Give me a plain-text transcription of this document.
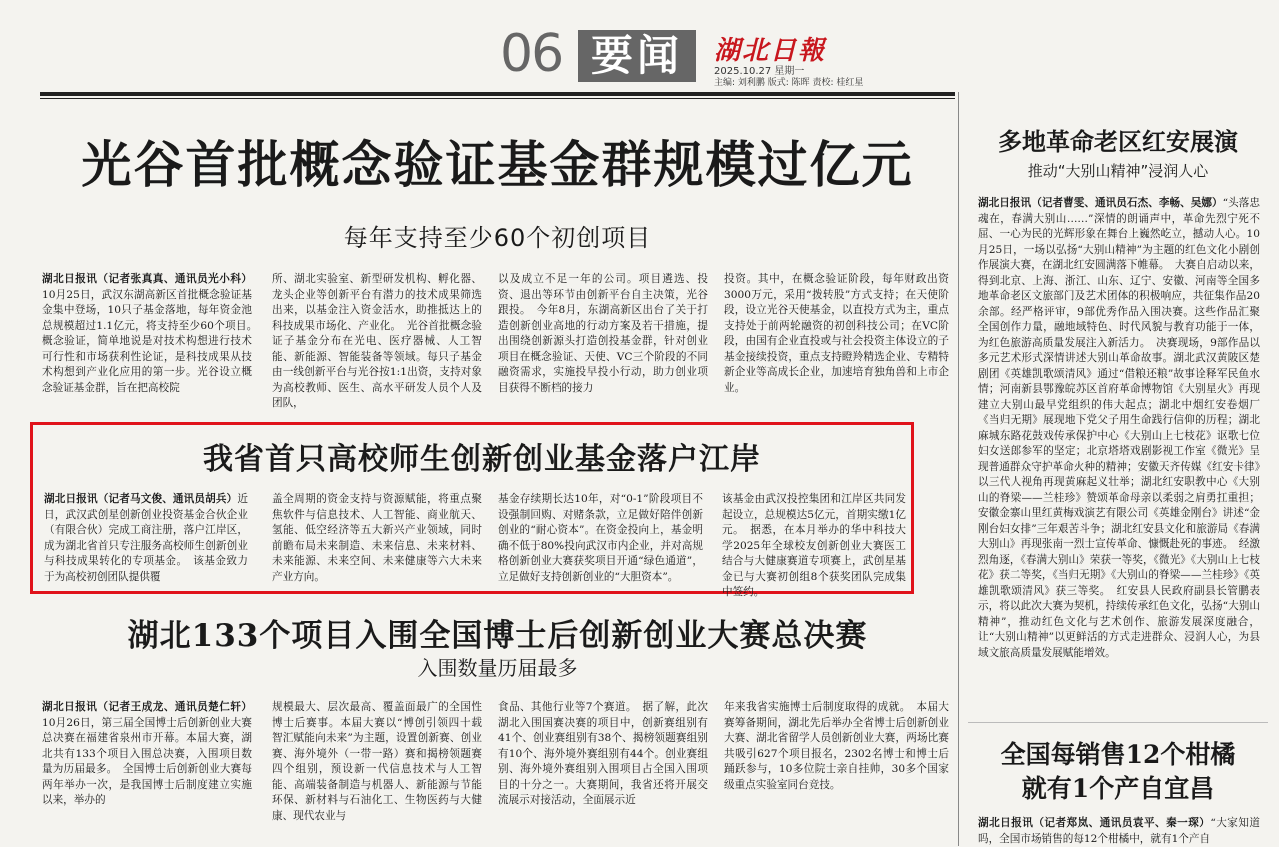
06 要闻	湖北日報
2025.10.27 星期一
主编: 刘利鹏 版式: 陈晖 责校: 桂红星
光谷首批概念验证基金群规模过亿元
每年支持至少60个初创项目
湖北日报讯（记者张真真、通讯员光小科）10月25日，武汉东湖高新区首批概念验证基金集中登场，10只子基金落地，每年资金池总规模超过1.1亿元，将支持至少60个项目。　概念验证，简单地说是对技术构想进行技术可行性和市场获利性论证，是科技成果从技术构想到产业化应用的第一步。光谷设立概念验证基金群，旨在把高校院
所、湖北实验室、新型研发机构、孵化器、龙头企业等创新平台有潜力的技术成果筛选出来，以基金注入资金活水，助推抵达上的科技成果市场化、产业化。　光谷首批概念验证子基金分布在光电、医疗器械、人工智能、新能源、智能装备等领域。每只子基金由一线创新平台与光谷按1:1出资，支持对象为高校教师、医生、高水平研发人员个人及团队，
以及成立不足一年的公司。项目遴选、投资、退出等环节由创新平台自主决策，光谷跟投。　今年8月，东湖高新区出台了关于打造创新创业高地的行动方案及若干措施，提出围绕创新源头打造创投基金群，针对创业项目在概念验证、天使、VC三个阶段的不同融资需求，实施投早投小行动，助力创业项目获得不断档的接力
投资。其中，在概念验证阶段，每年财政出资3000万元，采用“拨转股”方式支持；在天使阶段，设立光谷天使基金，以直投方式为主，重点支持处于前两轮融资的初创科技公司；在VC阶段，由国有企业直投或与社会投资主体设立的子基金接续投资，重点支持瞪羚精选企业、专精特新企业等高成长企业，加速培育独角兽和上市企业。
我省首只高校师生创新创业基金落户江岸
湖北日报讯（记者马文俊、通讯员胡兵）近日，武汉武创星创新创业投资基金合伙企业（有限合伙）完成工商注册，落户江岸区，成为湖北省首只专注服务高校师生创新创业与科技成果转化的专项基金。　该基金致力于为高校初创团队提供覆
盖全周期的资金支持与资源赋能，将重点聚焦软件与信息技术、人工智能、商业航天、氢能、低空经济等五大新兴产业领域，同时前瞻布局未来制造、未来信息、未来材料、未来能源、未来空间、未来健康等六大未来产业方向。
基金存续期长达10年，对“0-1”阶段项目不设强制回购、对赌条款，立足做好陪伴创新创业的“耐心资本”。在资金投向上，基金明确不低于80%投向武汉市内企业，并对高规格创新创业大赛获奖项目开通“绿色通道”，立足做好支持创新创业的“大胆资本”。
该基金由武汉投控集团和江岸区共同发起设立，总规模达5亿元，首期实缴1亿元。　据悉，在本月举办的华中科技大学2025年全球校友创新创业大赛医工结合与大健康赛道专项赛上，武创星基金已与大赛初创组8个获奖团队完成集中签约。
湖北133个项目入围全国博士后创新创业大赛总决赛
入围数量历届最多
湖北日报讯（记者王成龙、通讯员楚仁轩）10月26日，第三届全国博士后创新创业大赛总决赛在福建省泉州市开幕。本届大赛，湖北共有133个项目入围总决赛，入围项目数量为历届最多。　全国博士后创新创业大赛每两年举办一次，是我国博士后制度建立实施以来，举办的
规模最大、层次最高、覆盖面最广的全国性博士后赛事。本届大赛以“博创引领四十载 智汇赋能向未来”为主题，设置创新赛、创业赛、海外境外（一带一路）赛和揭榜领题赛四个组别，预设新一代信息技术与人工智能、高端装备制造与机器人、新能源与节能环保、新材料与石油化工、生物医药与大健康、现代农业与
食品、其他行业等7个赛道。　据了解，此次湖北入围国赛决赛的项目中，创新赛组别有41个、创业赛组别有38个、揭榜领题赛组别有10个、海外境外赛组别有44个。创业赛组别、海外境外赛组别入围项目占全国入围项目的十分之一。大赛期间，我省还将开展交流展示对接活动，全面展示近
年来我省实施博士后制度取得的成就。　本届大赛筹备期间，湖北先后举办全省博士后创新创业大赛、湖北省留学人员创新创业大赛，两场比赛共吸引627个项目报名，2302名博士和博士后踊跃参与，10多位院士亲自挂帅，30多个国家级重点实验室同台竞技。
多地革命老区红安展演
推动“大别山精神”浸润人心
湖北日报讯（记者曹雯、通讯员石杰、李畅、吴娜）“头落忠魂在，春满大别山……”深情的朗诵声中，革命先烈宁死不屈、一心为民的光辉形象在舞台上巍然屹立，撼动人心。10月25日，一场以弘扬“大别山精神”为主题的红色文化小剧创作展演大赛，在湖北红安圆满落下帷幕。　大赛自启动以来，得到北京、上海、浙江、山东、辽宁、安徽、河南等全国多地革命老区文旅部门及艺术团体的积极响应，共征集作品20余部。经严格评审，9部优秀作品入围决赛。这些作品汇聚全国创作力量，融地域特色、时代风貌与教育功能于一体，为红色旅游高质量发展注入新活力。　决赛现场，9部作品以多元艺术形式深情讲述大别山革命故事。湖北武汉黄陂区楚剧团《英雄凯歌颂清风》通过“借粮还粮”故事诠释军民鱼水情；河南新县鄂豫皖苏区首府革命博物馆《大别星火》再现建立大别山最早党组织的伟大起点；湖北中烟红安卷烟厂《当归无期》展现地下党父子用生命践行信仰的历程；湖北麻城东路花鼓戏传承保护中心《大别山上七枝花》讴歌七位妇女送郎参军的坚定；北京塔塔戏剧影视工作室《微光》呈现普通群众守护革命火种的精神；安徽天齐传媒《红安卡律》以三代人视角再现黄麻起义壮举；湖北红安职教中心《大别山的脊梁——兰桂珍》赞颂革命母亲以柔弱之肩勇扛重担；安徽金寨山里红黄梅戏演艺有限公司《英雄金刚台》讲述“金刚台妇女排”三年艰苦斗争；湖北红安县文化和旅游局《春满大别山》再现张南一烈士宣传革命、慷慨赴死的事迹。　经激烈角逐，《春满大别山》荣获一等奖，《微光》《大别山上七枝花》获二等奖，《当归无期》《大别山的脊梁——兰桂珍》《英雄凯歌颂清风》获三等奖。　红安县人民政府副县长管鹏表示，将以此次大赛为契机，持续传承红色文化，弘扬“大别山精神”，推动红色文化与艺术创作、旅游发展深度融合，让“大别山精神”以更鲜活的方式走进群众、浸润人心，为县域文旅高质量发展赋能增效。
全国每销售12个柑橘
就有1个产自宜昌
湖北日报讯（记者郑岚、通讯员袁平、秦一琛）“大家知道吗，全国市场销售的每12个柑橘中，就有1个产自
